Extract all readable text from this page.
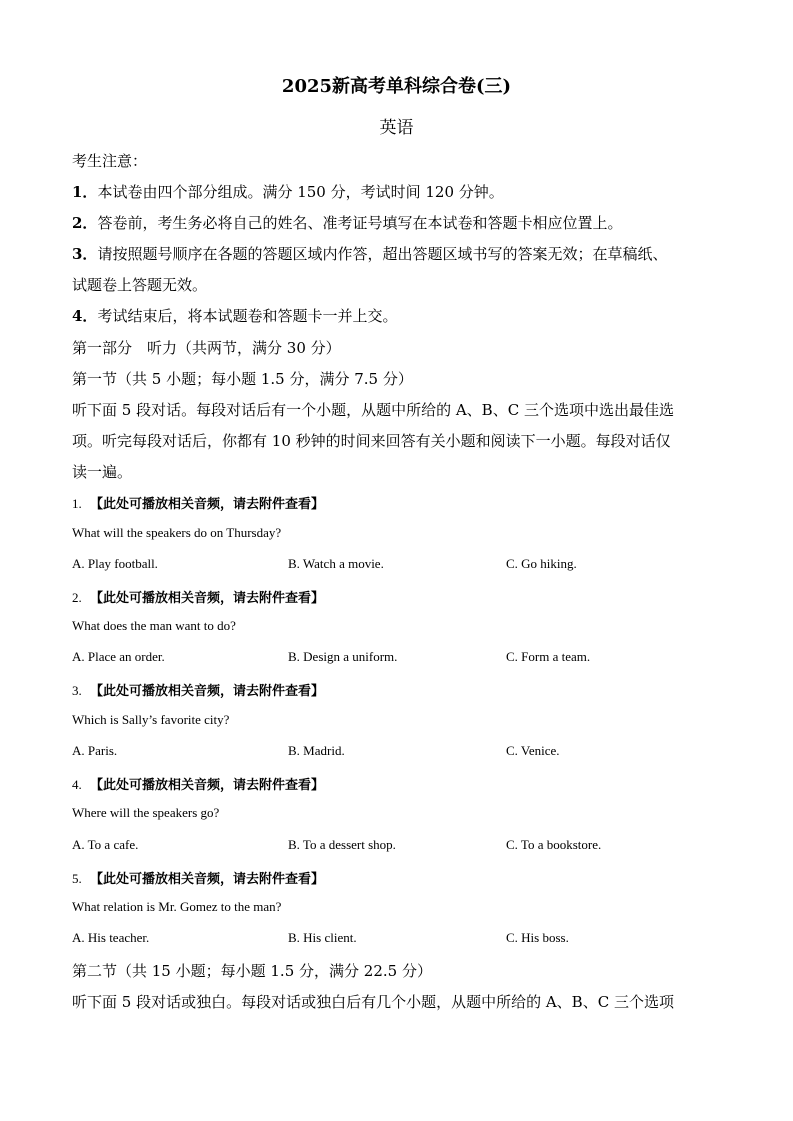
2025新高考单科综合卷(三)
英语
考生注意：
1．本试卷由四个部分组成。满分 150 分，考试时间 120 分钟。
2．答卷前，考生务必将自己的姓名、准考证号填写在本试卷和答题卡相应位置上。
3．请按照题号顺序在各题的答题区域内作答，超出答题区域书写的答案无效；在草稿纸、
试题卷上答题无效。
4．考试结束后，将本试题卷和答题卡一并上交。
第一部分　听力（共两节，满分 30 分）
第一节（共 5 小题；每小题 1.5 分，满分 7.5 分）
听下面 5 段对话。每段对话后有一个小题，从题中所给的 A、B、C 三个选项中选出最佳选
项。听完每段对话后，你都有 10 秒钟的时间来回答有关小题和阅读下一小题。每段对话仅
读一遍。
1. 【此处可播放相关音频，请去附件查看】
What will the speakers do on Thursday?
A. Play football.	B. Watch a movie.	C. Go hiking.
2. 【此处可播放相关音频，请去附件查看】
What does the man want to do?
A. Place an order.	B. Design a uniform.	C. Form a team.
3. 【此处可播放相关音频，请去附件查看】
Which is Sally’s favorite city?
A. Paris.	B. Madrid.	C. Venice.
4. 【此处可播放相关音频，请去附件查看】
Where will the speakers go?
A. To a cafe.	B. To a dessert shop.	C. To a bookstore.
5. 【此处可播放相关音频，请去附件查看】
What relation is Mr. Gomez to the man?
A. His teacher.	B. His client.	C. His boss.
第二节（共 15 小题；每小题 1.5 分，满分 22.5 分）
听下面 5 段对话或独白。每段对话或独白后有几个小题，从题中所给的 A、B、C 三个选项
